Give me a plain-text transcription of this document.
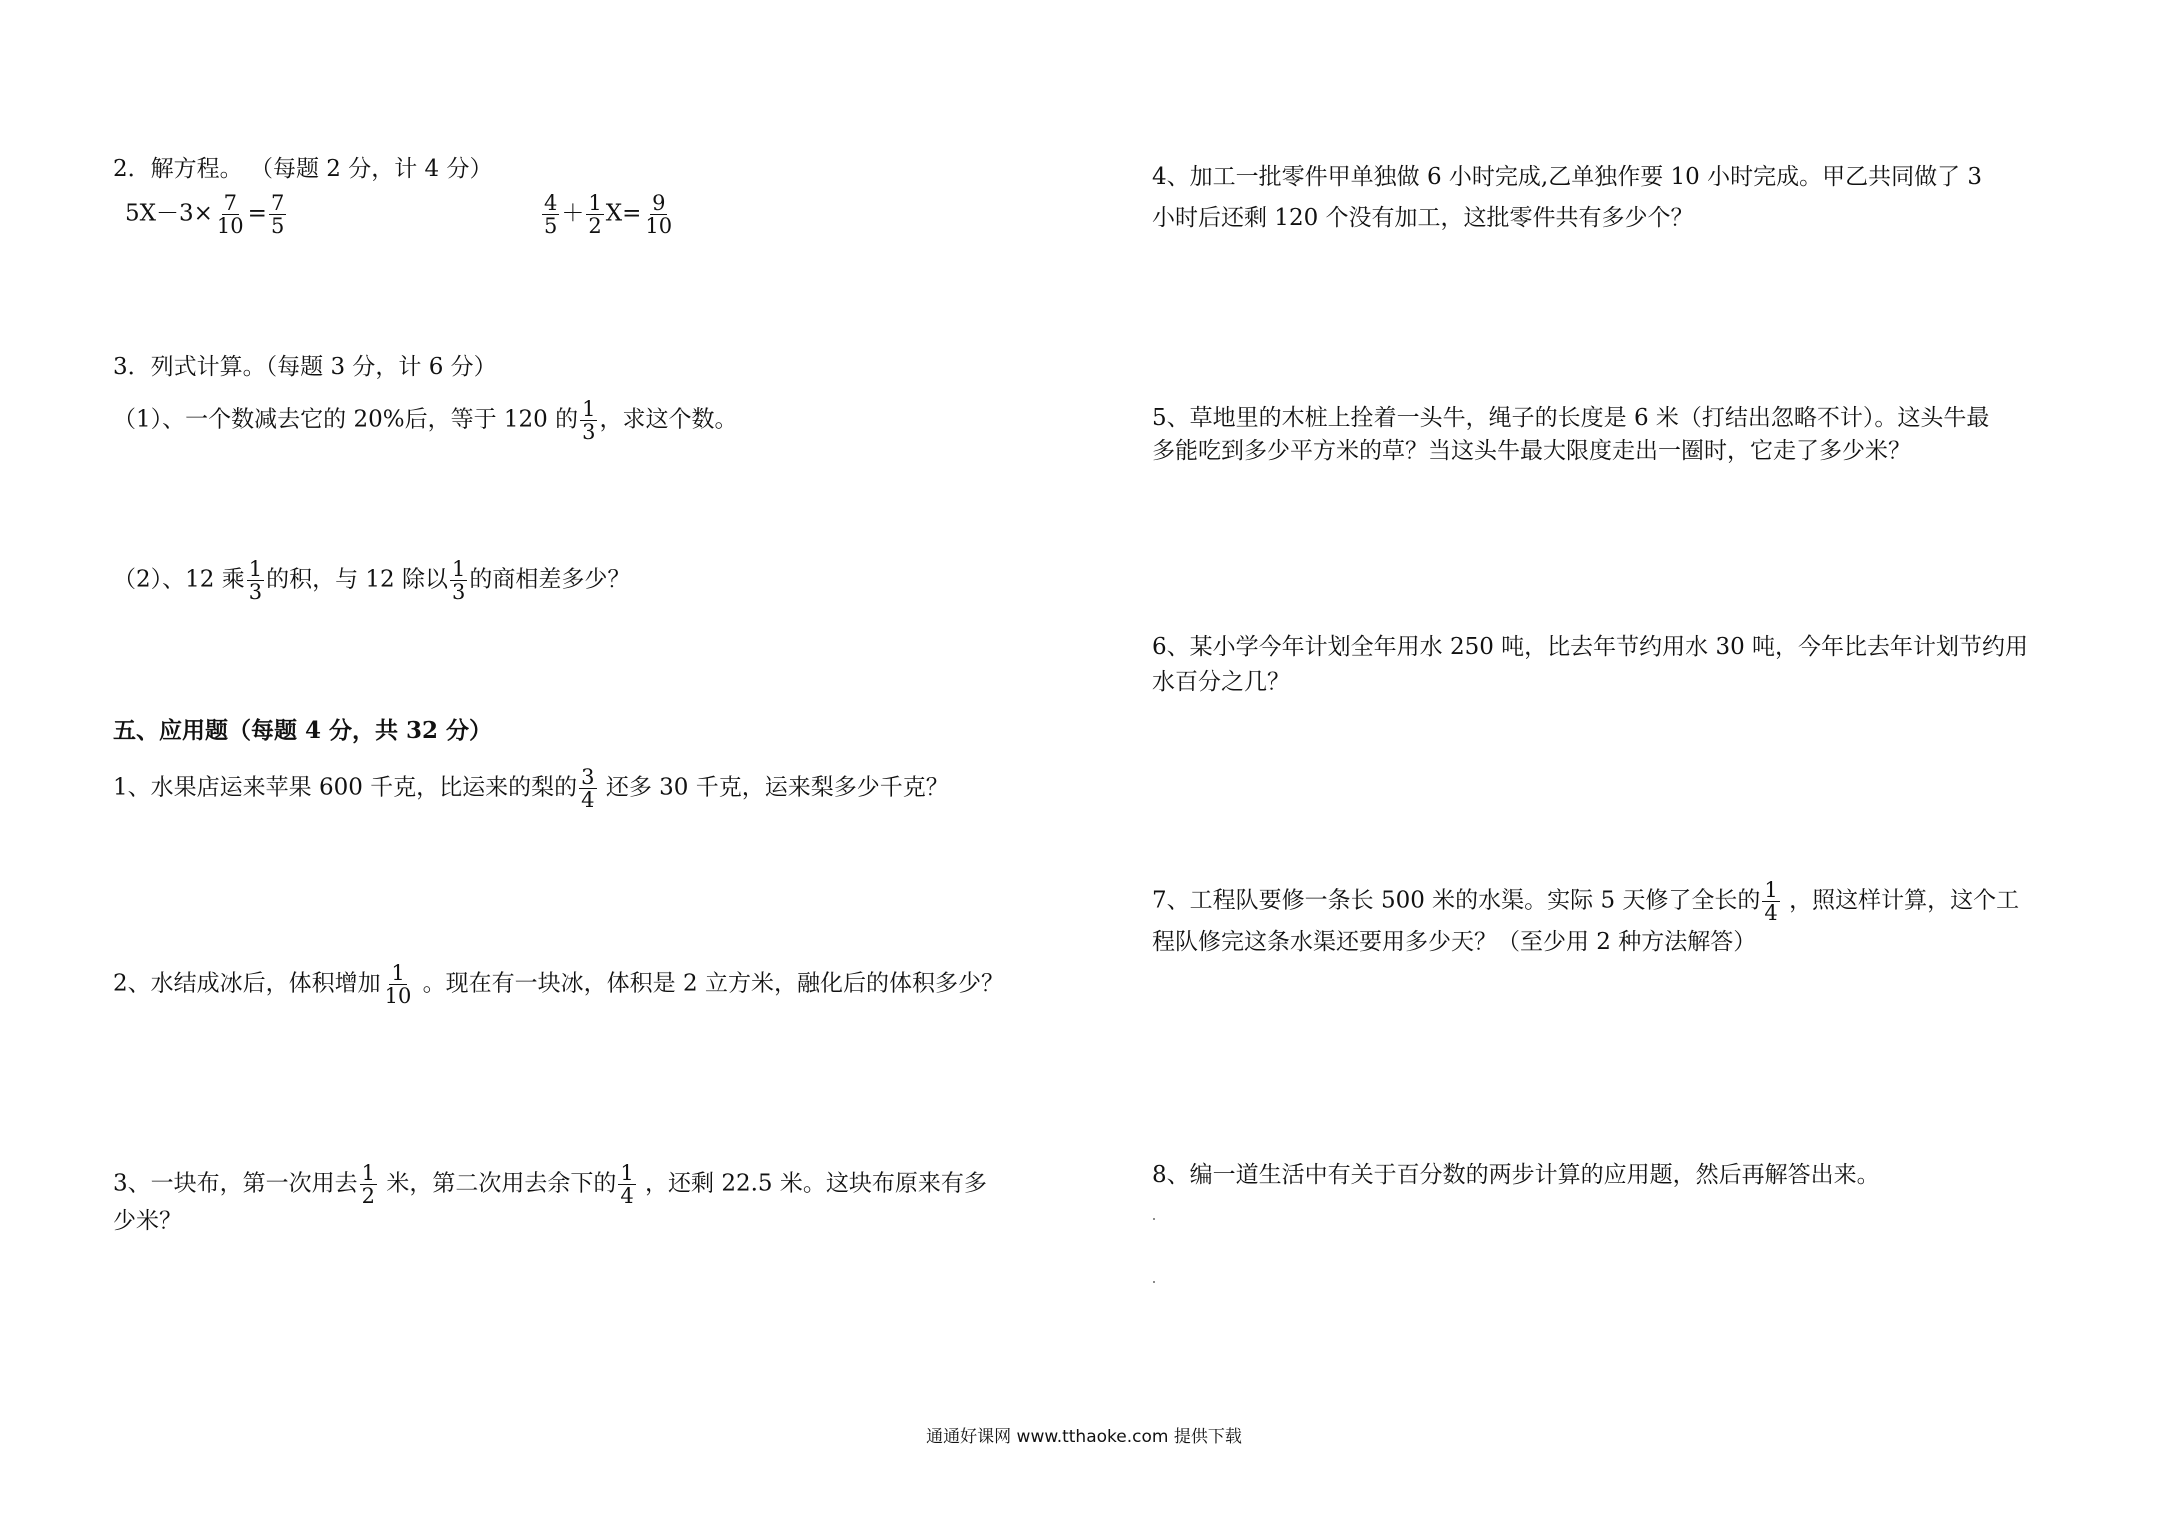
2．解方程。 （每题 2 分，计 4 分）
$5X-3\times \frac{7}{10} = \frac{7}{5}$	$\frac{4}{5} + \frac{1}{2} X= \frac{9}{10}$
3．列式计算。（每题 3 分，计 6 分）
（1）、一个数减去它的 20%后，等于 120 的 $\frac{1}{3}$ ，求这个数。
（2）、12 乘 $\frac{1}{3}$ 的积，与 12 除以 $\frac{1}{3}$ 的商相差多少？
五、应用题（每题 4 分，共 32 分）
1、水果店运来苹果 600 千克，比运来的梨的 $\frac{3}{4}$ 还多 30 千克，运来梨多少千克？
2、水结成冰后，体积增加 $\frac{1}{10}$ 。现在有一块冰，体积是 2 立方米，融化后的体积多少？
3、一块布，第一次用去 $\frac{1}{2}$ 米，第二次用去余下的 $\frac{1}{4}$ ，还剩 22.5 米。这块布原来有多
少米？
4、加工一批零件甲单独做 6 小时完成,乙单独作要 10 小时完成。甲乙共同做了 3
小时后还剩 120 个没有加工，这批零件共有多少个？
5、草地里的木桩上拴着一头牛，绳子的长度是 6 米（打结出忽略不计）。这头牛最
多能吃到多少平方米的草？当这头牛最大限度走出一圈时，它走了多少米？
6、某小学今年计划全年用水 250 吨，比去年节约用水 30 吨，今年比去年计划节约用
水百分之几？
7、工程队要修一条长 500 米的水渠。实际 5 天修了全长的 $\frac{1}{4}$ ，照这样计算，这个工
程队修完这条水渠还要用多少天？（至少用 2 种方法解答）
8、编一道生活中有关于百分数的两步计算的应用题，然后再解答出来。
通通好课网 www.tthaoke.com 提供下载
